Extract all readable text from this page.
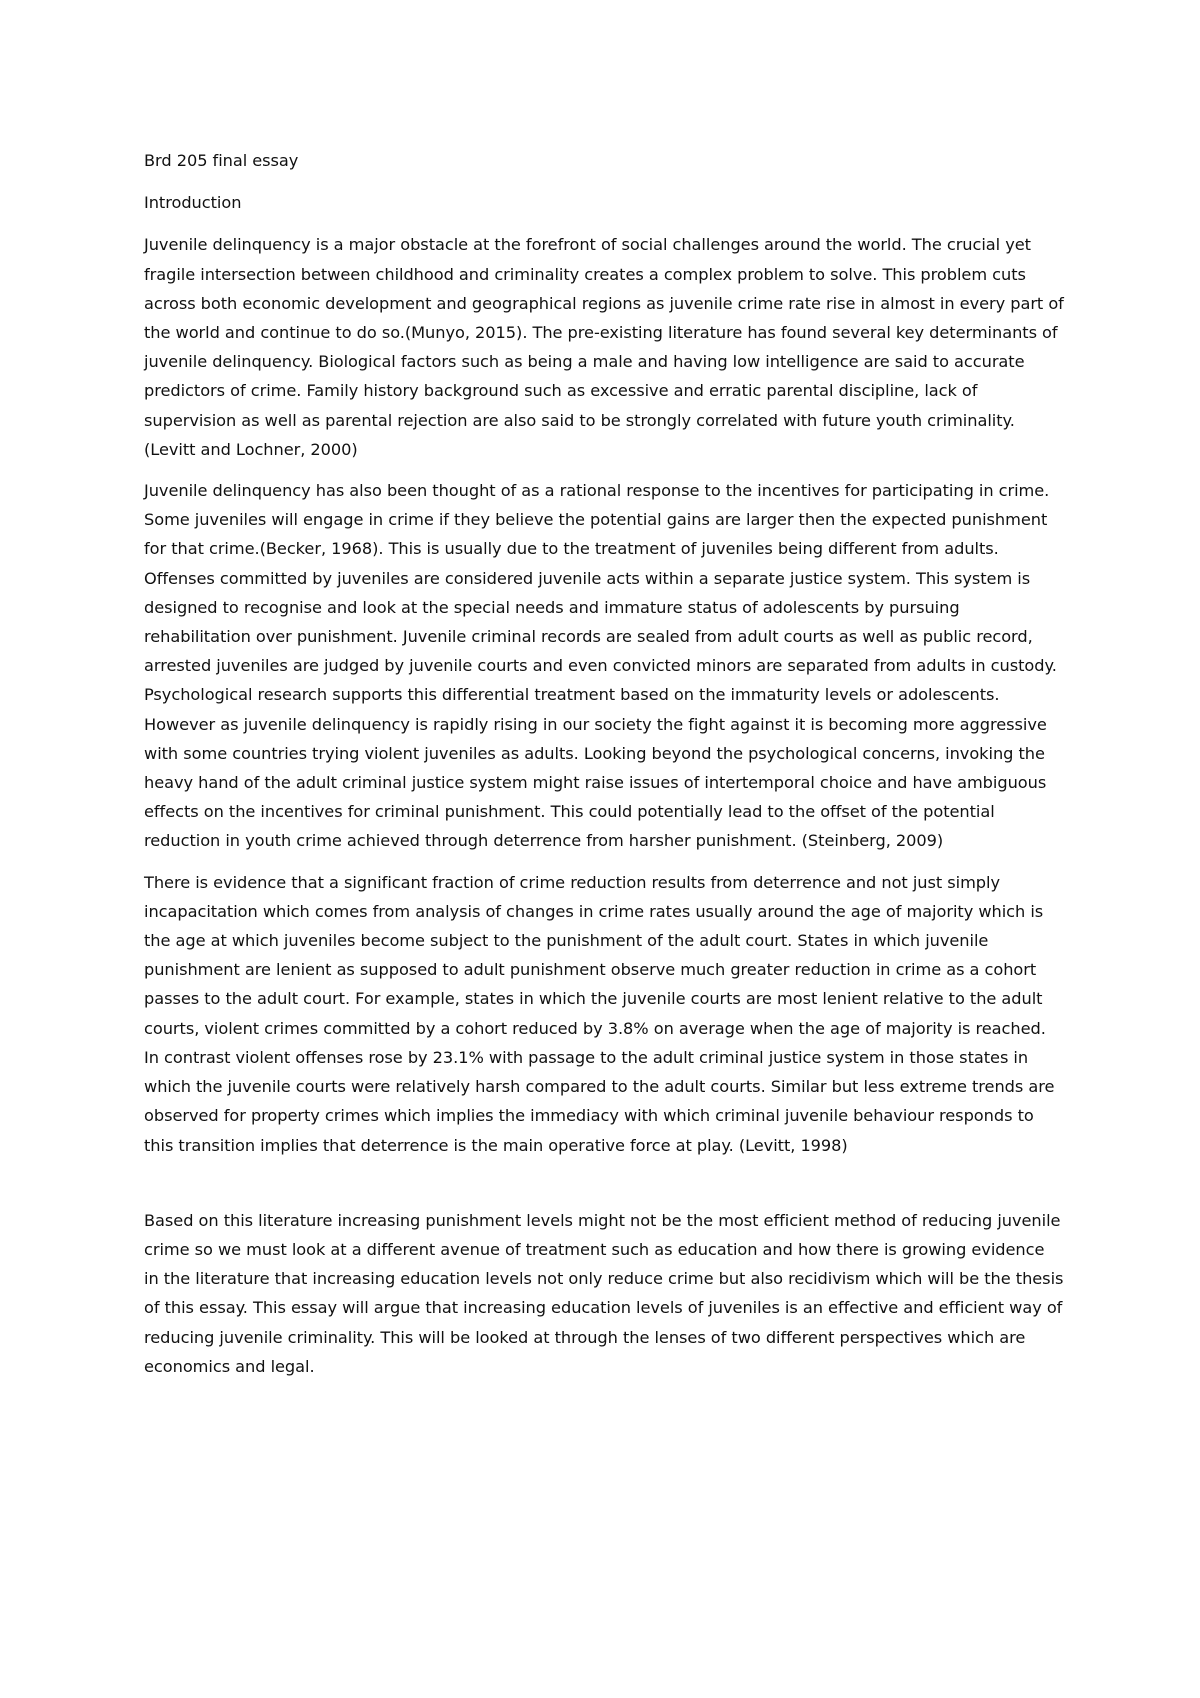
Brd 205 final essay

Introduction

Juvenile delinquency is a major obstacle at the forefront of social challenges around the world. The crucial yet fragile intersection between childhood and criminality creates a complex problem to solve. This problem cuts across both economic development and geographical regions as juvenile crime rate rise in almost in every part of the world and continue to do so.(Munyo, 2015). The pre-existing literature has found several key determinants of juvenile delinquency. Biological factors such as being a male and having low intelligence are said to accurate predictors of crime. Family history background such as excessive and erratic parental discipline, lack of supervision as well as parental rejection are also said to be strongly correlated with future youth criminality. (Levitt and Lochner, 2000)

Juvenile delinquency has also been thought of as a rational response to the incentives for participating in crime. Some juveniles will engage in crime if they believe the potential gains are larger then the expected punishment for that crime.(Becker, 1968). This is usually due to the treatment of juveniles being different from adults. Offenses committed by juveniles are considered juvenile acts within a separate justice system. This system is designed to recognise and look at the special needs and immature status of adolescents by pursuing rehabilitation over punishment. Juvenile criminal records are sealed from adult courts as well as public record, arrested juveniles are judged by juvenile courts and even convicted minors are separated from adults in custody. Psychological research supports this differential treatment based on the immaturity levels or adolescents. However as juvenile delinquency is rapidly rising in our society the fight against it is becoming more aggressive with some countries trying violent juveniles as adults. Looking beyond the psychological concerns, invoking the heavy hand of the adult criminal justice system might raise issues of intertemporal choice and have ambiguous effects on the incentives for criminal punishment. This could potentially lead to the offset of the potential reduction in youth crime achieved through deterrence from harsher punishment. (Steinberg, 2009)

There is evidence that a significant fraction of crime reduction results from deterrence and not just simply incapacitation which comes from analysis of changes in crime rates usually around the age of majority which is the age at which juveniles become subject to the punishment of the adult court. States in which juvenile punishment are lenient as supposed to adult punishment observe much greater reduction in crime as a cohort passes to the adult court. For example, states in which the juvenile courts are most lenient relative to the adult courts, violent crimes committed by a cohort reduced by 3.8% on average when the age of majority is reached. In contrast violent offenses rose by 23.1% with passage to the adult criminal justice system in those states in which the juvenile courts were relatively harsh compared to the adult courts. Similar but less extreme trends are observed for property crimes which implies the immediacy with which criminal juvenile behaviour responds to this transition implies that deterrence is the main operative force at play. (Levitt, 1998)

Based on this literature increasing punishment levels might not be the most efficient method of reducing juvenile crime so we must look at a different avenue of treatment such as education and how there is growing evidence in the literature that increasing education levels not only reduce crime but also recidivism which will be the thesis of this essay. This essay will argue that increasing education levels of juveniles is an effective and efficient way of reducing juvenile criminality. This will be looked at through the lenses of two different perspectives which are economics and legal.
